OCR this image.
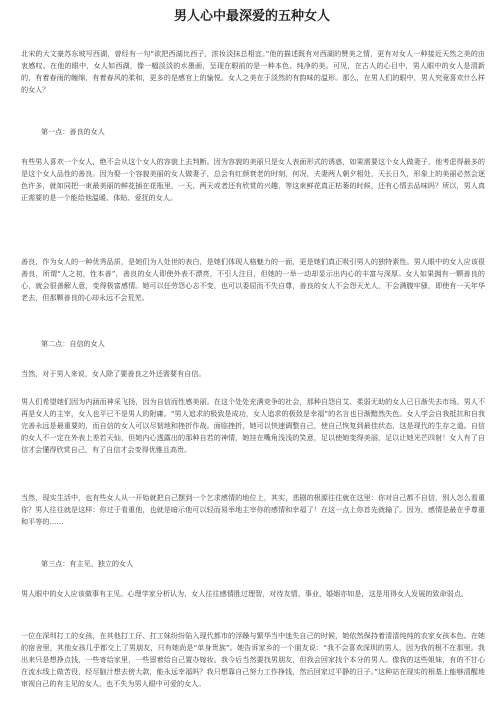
男人心中最深爱的五种女人

北宋的大文豪苏东坡写西湖，曾经有一句“欲把西湖比西子，浓妆淡抹总相宜。”他的描述既有对西湖的赞美之情，更有对女人一种接近天然之美的由衷感叹。在他的眼中，女人如西湖，像一幅淡淡的水墨画，呈现在眼前的是一种本色、纯净的美。可见，在古人的心目中，男人眼中的女人是清新的，有着春雨的缠绵，有着春风的柔和，更多的是感官上的愉悦。女人之美在于淡然的有韵味的温形。那么，在男人们的眼中，男人究竟喜欢什么样的女人？

第一点：善良的女人

有些男人喜欢一个女人，绝不会从这个女人的容貌上去判断。因为容貌的美丽只是女人表面形式的诱惑，如果需要这个女人做妻子，他考虑得最多的是这个女人品性的善良。因为娶一个容貌美丽的女人做妻子，总会有红颜衰老的时刻，何况，夫妻两人朝夕相处，天长日久，形象上的美丽必然会逐色许多，就如同把一束最美丽的鲜花插在花瓶里，一天、两天或者还有欣赏的兴趣，等这束鲜花真正枯萎的时候，还有心情去品味吗？所以，男人真正需要的是一个能给他温暖、体贴、爱抚的女人。

善良，作为女人的一种优秀品质，是她们为人处世的表白，是她们体现人格魅力的一面，更是她们真正吸引男人的独特素性。男人眼中的女人应该很善良，所谓“人之初，性本善”，善良的女人即使外表不漂亮，不引人注目，但她的一举一动却显示出内心的丰富与深厚。女人如果拥有一颗善良的心，就会很善解人意，变得极富感情。她可以任劳怨心志不变，也可以委屈而不失自尊，善良的女人不会怨天尤人，不会满腹牢骚，即使有一天年华老去，但那颗善良的心却永远不会荒芜。

第二点：自信的女人

当然，对于男人来说，女人除了要善良之外还需要有自信。

男人们希望她们因为内涵而神采飞扬，因为自信而性感美丽。在这个处处充满竞争的社会，那种自怨自艾、柔弱无助的女人已日渐失去市场。男人不再是女人的主宰，女人也平已不是男人的附庸。“男人追求的极致是成功，女人追求的极致是幸福”的名言也日渐黯然失色。女人学会自我抵抗和自我完善永远是最重要的，而自信的女人可以尽韧地和挫折作战。面临挫折，她可以快速调整自己，使自己恢复到最佳状态，这是现代的生存之道。自信的女人不一定在外表上差若天仙，但她内心透露出的那种自若的神情，她挂在嘴角浅浅的笑意，足以使她变得美丽，足以让她光芒四射！女人有了自信才会懂得欣赏自己，有了自信才会变得优雅且高贵。

当然，现实生活中，也有些女人从一开始就把自己摆到一个乞求感情的地位上，其实，悲剧的根源往往就在这里：你对自己都不自信，别人怎么看重你？男人往往就是这样：你过于看重他，也就是暗示他可以轻而易举地主宰你的感情和幸福了！在这一点上你首先就输了。因为，感情是最在乎尊重和平等的……

第三点：有主见、独立的女人

男人眼中的女人应该做事有主见。心理学家分析认为，女人往往感情胜过理智，对待友情、事业、婚姻亦如是，这是用得女人发展的致命弱点。

一位在深圳打工的女孩，在其他打工仔、打工妹纷纷陷入现代都市的浮躁与繁华当中迷失自己的时候，她依然保持着清清纯纯的农家女孩本色。在她的宿舍里，其他女孩几乎都交上了男朋友，只有她尚是“单身贵族”。她告诉家乡的一个朋友说：“我不会喜欢深圳的男人，因为我的根不在那里。我出来只是想挣点钱，一些寄给家里，一些留着给自己置办嫁妆。我今后当然要找男朋友，但我会回家找个本分的男人。像我的这些姐妹，有的不甘心在流水线上做苦役，经尽脑汁想去傍大款，能永远幸福吗？我只想靠自己努力工作挣钱，然后回家过平静的日子。”这种站在现实的根基上能够清醒地审视自己的有主见的女人，也不失为男人眼中可爱的女人。
